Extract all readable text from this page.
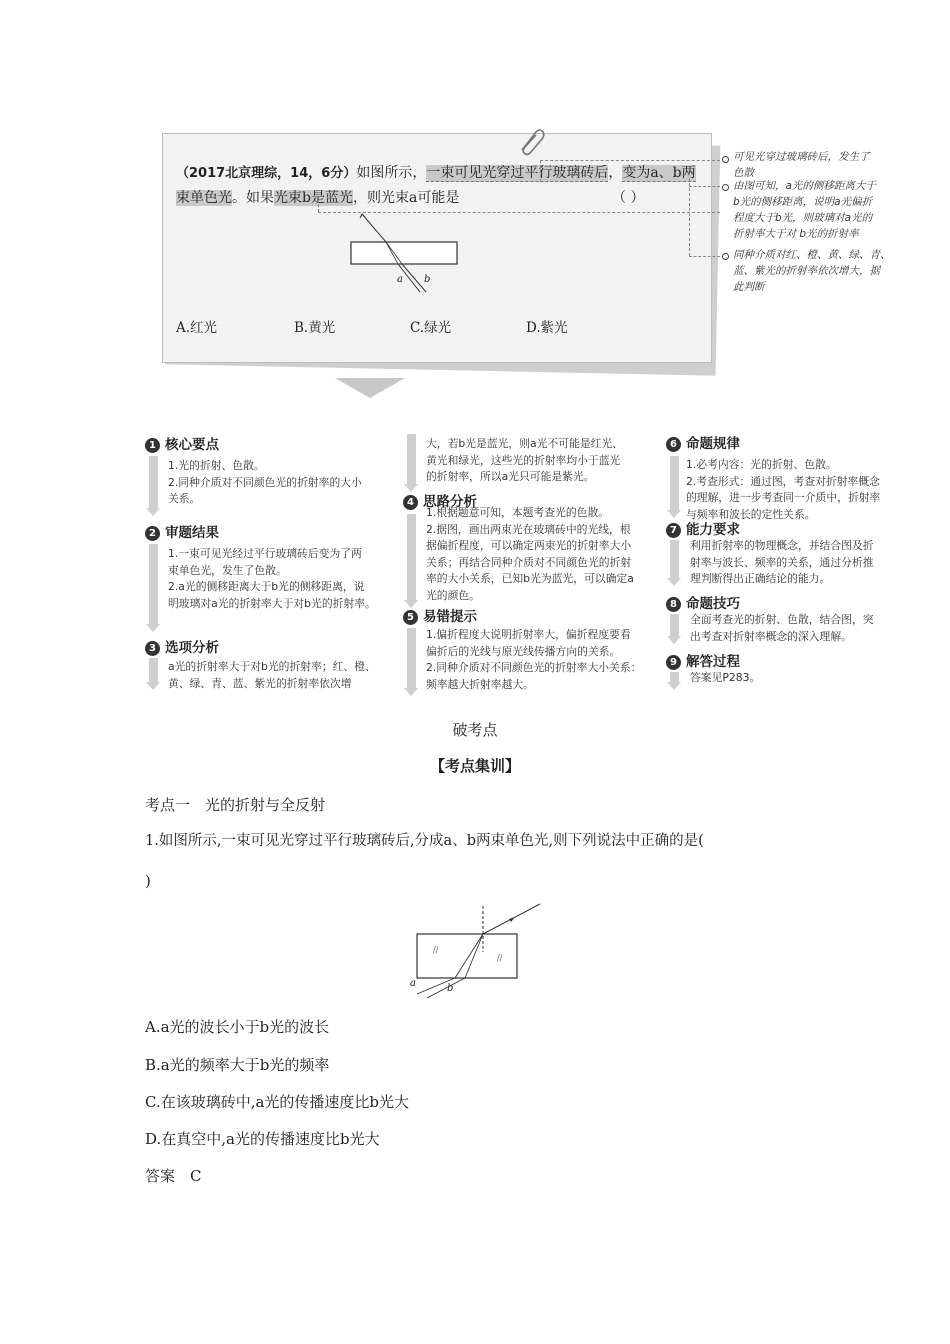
（2017北京理综，14，6分）如图所示，一束可见光穿过平行玻璃砖后，变为a、b两
束单色光。如果光束b是蓝光，则光束a可能是	（ ）
a b
A.红光	B.黄光	C.绿光	D.紫光
可见光穿过玻璃砖后，发生了
色散
由图可知，a光的侧移距离大于
b光的侧移距离，说明a光偏折
程度大于b光，则玻璃对a光的
折射率大于对 b光的折射率
同种介质对红、橙、黄、绿、青、
蓝、紫光的折射率依次增大，据
此判断
1 核心要点
1.光的折射、色散。
2.同种介质对不同颜色光的折射率的大小
关系。
2 审题结果
1.一束可见光经过平行玻璃砖后变为了两
束单色光，发生了色散。
2.a光的侧移距离大于b光的侧移距离，说
明玻璃对a光的折射率大于对b光的折射率。
3 选项分析
a光的折射率大于对b光的折射率；红、橙、
黄、绿、青、蓝、紫光的折射率依次增
大，若b光是蓝光，则a光不可能是红光、
黄光和绿光，这些光的折射率均小于蓝光
的折射率，所以a光只可能是紫光。
4 思路分析
1.根据题意可知，本题考查光的色散。
2.据图，画出两束光在玻璃砖中的光线，根
据偏折程度，可以确定两束光的折射率大小
关系；再结合同种介质对不同颜色光的折射
率的大小关系，已知b光为蓝光，可以确定a
光的颜色。
5 易错提示
1.偏折程度大说明折射率大，偏折程度要看
偏折后的光线与原光线传播方向的关系。
2.同种介质对不同颜色光的折射率大小关系：
频率越大折射率越大。
6 命题规律
1.必考内容：光的折射、色散。
2.考查形式：通过图，考查对折射率概念
的理解，进一步考查同一介质中，折射率
与频率和波长的定性关系。
7 能力要求
利用折射率的物理概念，并结合图及折
射率与波长、频率的关系，通过分析推
理判断得出正确结论的能力。
8 命题技巧
全面考查光的折射、色散，结合图，突
出考查对折射率概念的深入理解。
9 解答过程
答案见P283。
破考点
【考点集训】
考点一　光的折射与全反射
1.如图所示,一束可见光穿过平行玻璃砖后,分成a、b两束单色光,则下列说法中正确的是(
)
//
//
a	b
A.a光的波长小于b光的波长
B.a光的频率大于b光的频率
C.在该玻璃砖中,a光的传播速度比b光大
D.在真空中,a光的传播速度比b光大
答案　C
